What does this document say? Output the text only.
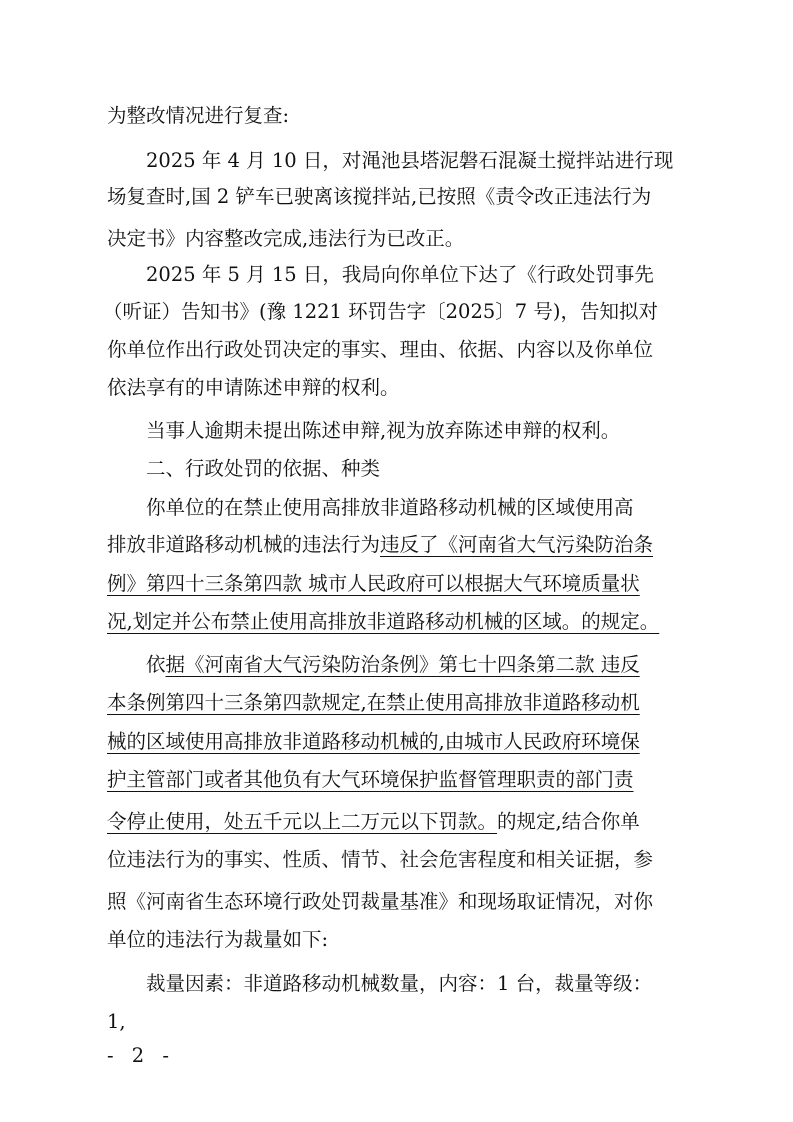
为整改情况进行复查:
2025 年 4 月 10 日，对渑池县塔泥磐石混凝土搅拌站进行现
场复查时,国 2 铲车已驶离该搅拌站,已按照《责令改正违法行为
决定书》内容整改完成,违法行为已改正。
2025 年 5 月 15 日，我局向你单位下达了《行政处罚事先
（听证）告知书》(豫 1221 环罚告字〔2025〕7 号)，告知拟对
你单位作出行政处罚决定的事实、理由、依据、内容以及你单位
依法享有的申请陈述申辩的权利。
当事人逾期未提出陈述申辩,视为放弃陈述申辩的权利。
二、行政处罚的依据、种类
你单位的在禁止使用高排放非道路移动机械的区域使用高
排放非道路移动机械的违法行为 违反了《河南省大气污染防治条
例》第四十三条第四款 城市人民政府可以根据大气环境质量状
况,划定并公布禁止使用高排放非道路移动机械的区域。的规定。
依 据《河南省大气污染防治条例》第七十四条第二款 违反
本条例第四十三条第四款规定,在禁止使用高排放非道路移动机
械的区域使用高排放非道路移动机械的,由城市人民政府环境保
护主管部门或者其他负有大气环境保护监督管理职责的部门责
令停止使用，处五千元以上二万元以下罚款。 的规定,结合你单
位违法行为的事实、性质、情节、社会危害程度和相关证据，参
照《河南省生态环境行政处罚裁量基准》和现场取证情况，对你
单位的违法行为裁量如下:
裁量因素：非道路移动机械数量，内容：1 台，裁量等级：
1,
- 2 -
